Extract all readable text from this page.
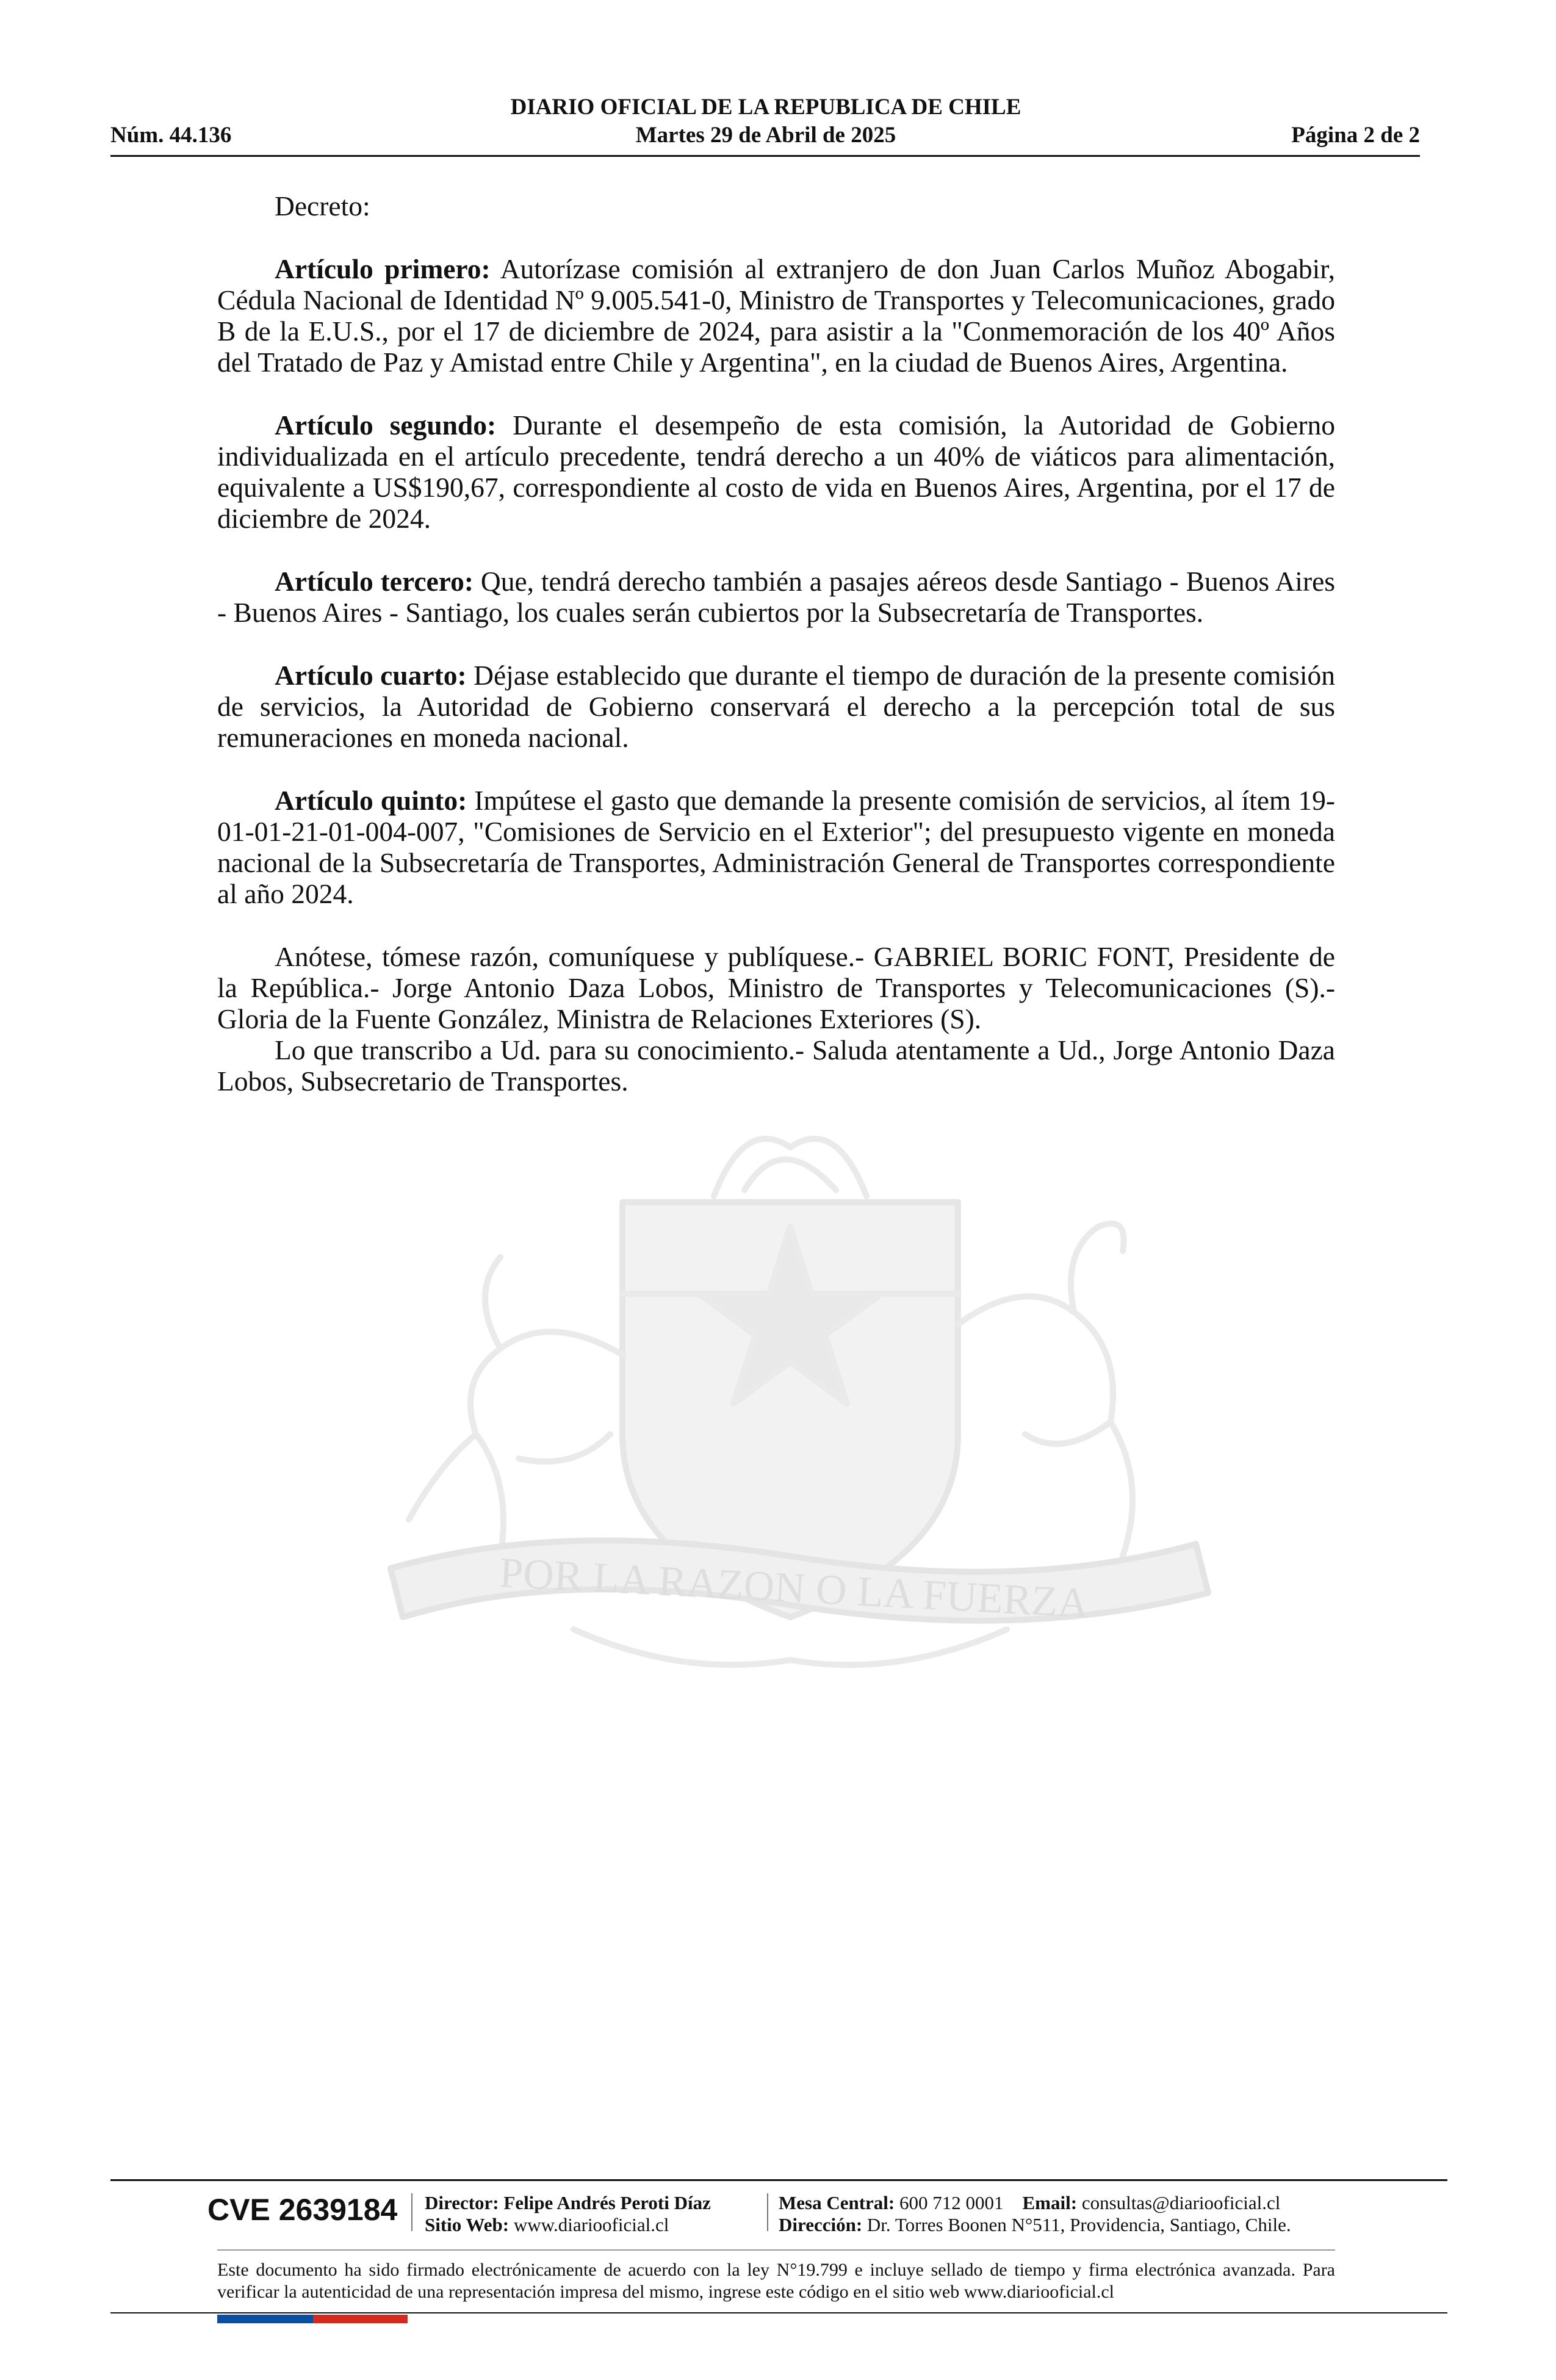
DIARIO OFICIAL DE LA REPUBLICA DE CHILE
Núm. 44.136	Martes 29 de Abril de 2025	Página 2 de 2
POR LA RAZON O LA FUERZA

Decreto:

Artículo primero: Autorízase comisión al extranjero de don Juan Carlos Muñoz Abogabir, Cédula Nacional de Identidad Nº 9.005.541-0, Ministro de Transportes y Telecomunicaciones, grado B de la E.U.S., por el 17 de diciembre de 2024, para asistir a la "Conmemoración de los 40º Años del Tratado de Paz y Amistad entre Chile y Argentina", en la ciudad de Buenos Aires, Argentina.

Artículo segundo: Durante el desempeño de esta comisión, la Autoridad de Gobierno individualizada en el artículo precedente, tendrá derecho a un 40% de viáticos para alimentación, equivalente a US$190,67, correspondiente al costo de vida en Buenos Aires, Argentina, por el 17 de diciembre de 2024.

Artículo tercero: Que, tendrá derecho también a pasajes aéreos desde Santiago - Buenos Aires - Buenos Aires - Santiago, los cuales serán cubiertos por la Subsecretaría de Transportes.

Artículo cuarto: Déjase establecido que durante el tiempo de duración de la presente comisión de servicios, la Autoridad de Gobierno conservará el derecho a la percepción total de sus remuneraciones en moneda nacional.

Artículo quinto: Impútese el gasto que demande la presente comisión de servicios, al ítem 19-01-01-21-01-004-007, "Comisiones de Servicio en el Exterior"; del presupuesto vigente en moneda nacional de la Subsecretaría de Transportes, Administración General de Transportes correspondiente al año 2024.

Anótese, tómese razón, comuníquese y publíquese.- GABRIEL BORIC FONT, Presidente de la República.- Jorge Antonio Daza Lobos, Ministro de Transportes y Telecomunicaciones (S).- Gloria de la Fuente González, Ministra de Relaciones Exteriores (S).

Lo que transcribo a Ud. para su conocimiento.- Saluda atentamente a Ud., Jorge Antonio Daza Lobos, Subsecretario de Transportes.

CVE 2639184 Director: Felipe Andrés Peroti Díaz
Sitio Web: www.diariooficial.cl
Mesa Central: 600 712 0001 Email: consultas@diariooficial.cl
Dirección: Dr. Torres Boonen N°511, Providencia, Santiago, Chile.
Este documento ha sido firmado electrónicamente de acuerdo con la ley N°19.799 e incluye sellado de tiempo y firma electrónica avanzada. Para verificar la autenticidad de una representación impresa del mismo, ingrese este código en el sitio web www.diariooficial.cl
